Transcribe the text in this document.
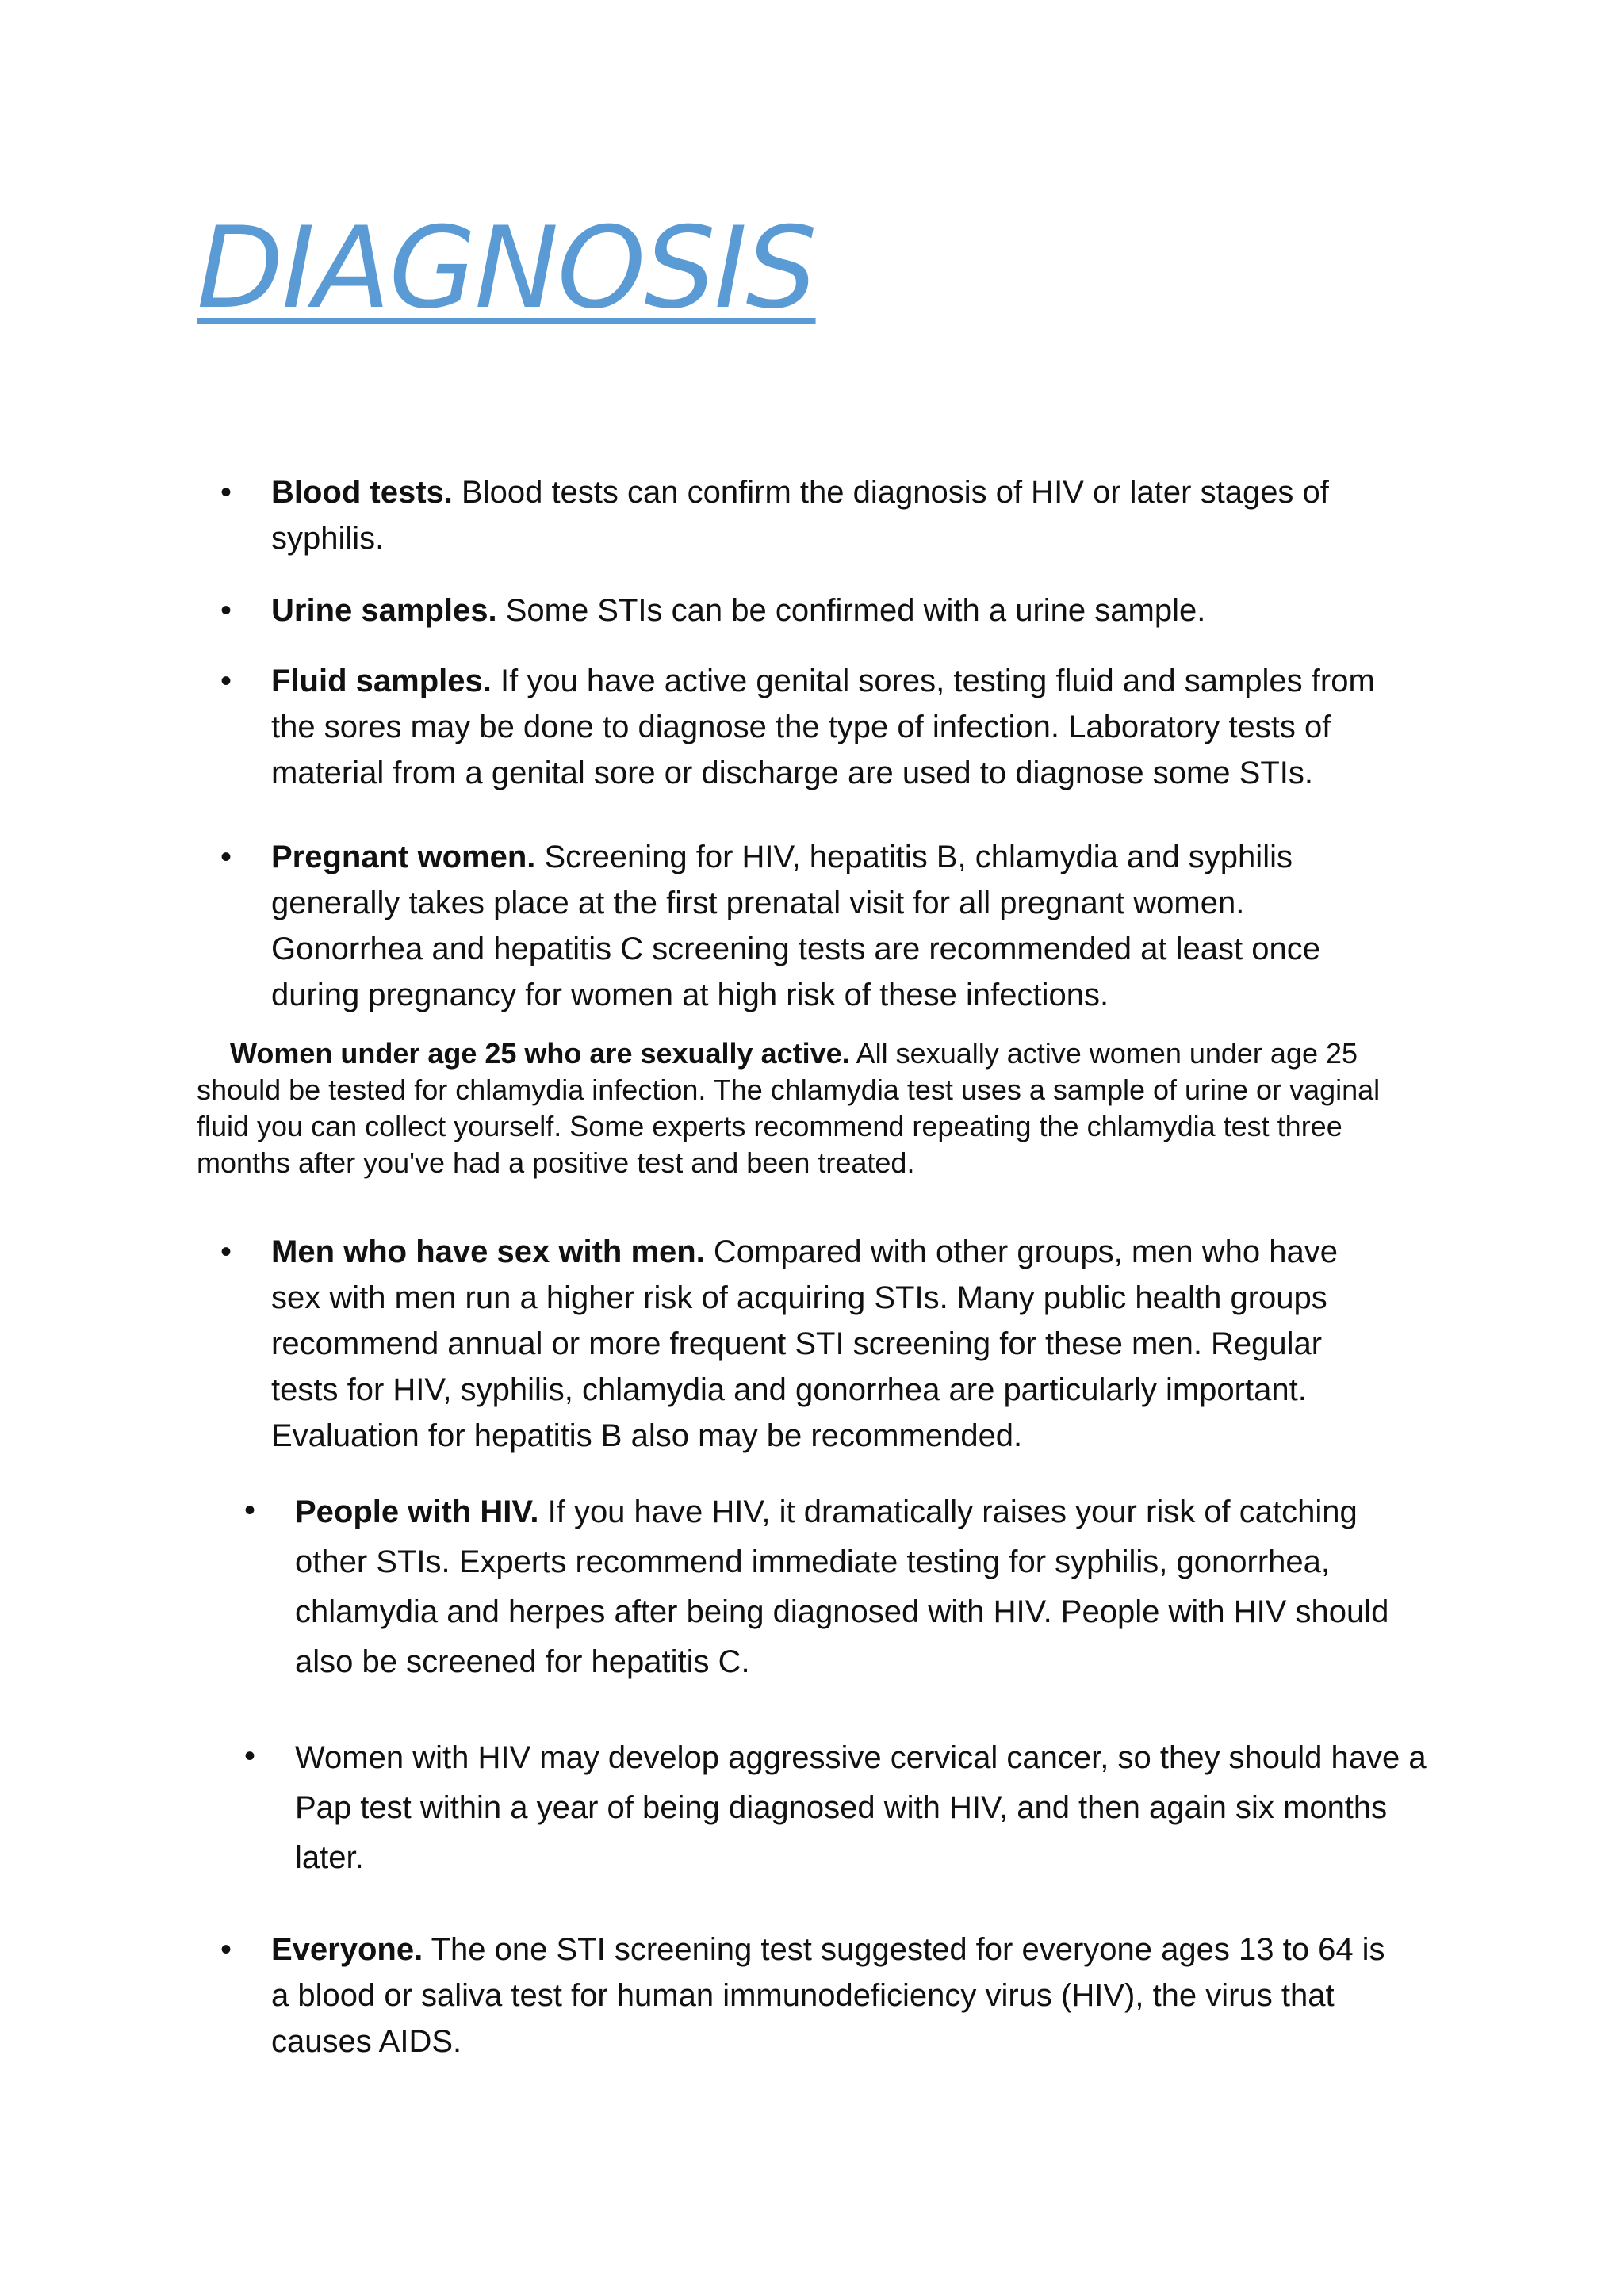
DIAGNOSIS
• Blood tests. Blood tests can confirm the diagnosis of HIV or later stages of syphilis.
• Urine samples. Some STIs can be confirmed with a urine sample.
• Fluid samples. If you have active genital sores, testing fluid and samples from the sores may be done to diagnose the type of infection. Laboratory tests of material from a genital sore or discharge are used to diagnose some STIs.
• Pregnant women. Screening for HIV, hepatitis B, chlamydia and syphilis generally takes place at the first prenatal visit for all pregnant women. Gonorrhea and hepatitis C screening tests are recommended at least once during pregnancy for women at high risk of these infections.
Women under age 25 who are sexually active. All sexually active women under age 25 should be tested for chlamydia infection. The chlamydia test uses a sample of urine or vaginal fluid you can collect yourself. Some experts recommend repeating the chlamydia test three months after you've had a positive test and been treated.
• Men who have sex with men. Compared with other groups, men who have sex with men run a higher risk of acquiring STIs. Many public health groups recommend annual or more frequent STI screening for these men. Regular tests for HIV, syphilis, chlamydia and gonorrhea are particularly important. Evaluation for hepatitis B also may be recommended.
• People with HIV. If you have HIV, it dramatically raises your risk of catching other STIs. Experts recommend immediate testing for syphilis, gonorrhea, chlamydia and herpes after being diagnosed with HIV. People with HIV should also be screened for hepatitis C.
• Women with HIV may develop aggressive cervical cancer, so they should have a Pap test within a year of being diagnosed with HIV, and then again six months later.
• Everyone. The one STI screening test suggested for everyone ages 13 to 64 is a blood or saliva test for human immunodeficiency virus (HIV), the virus that causes AIDS.
